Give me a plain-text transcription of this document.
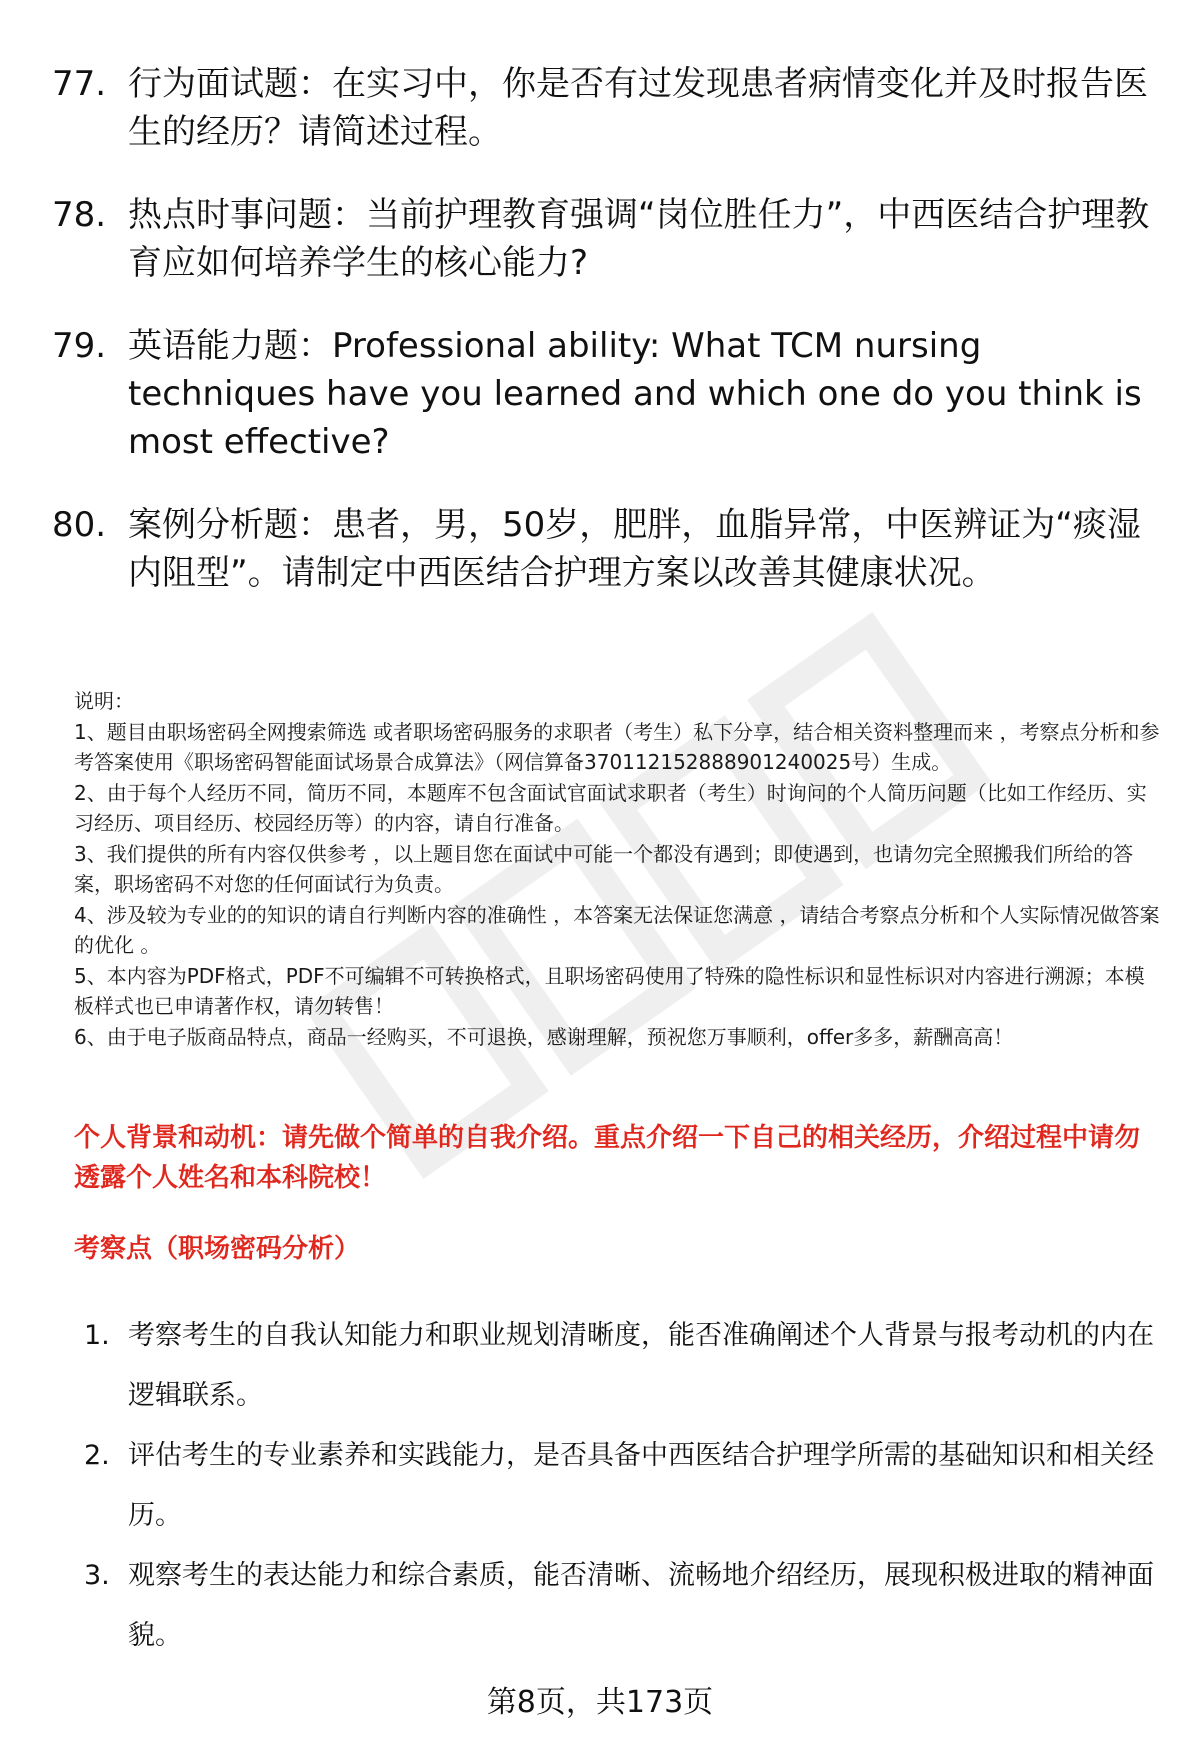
77. 行为面试题：在实习中，你是否有过发现患者病情变化并及时报告医生的经历？请简述过程。
78. 热点时事问题：当前护理教育强调“岗位胜任力”，中西医结合护理教育应如何培养学生的核心能力?
79. 英语能力题：Professional ability: What TCM nursing techniques have you learned and which one do you think is most effective?
80. 案例分析题：患者，男，50岁，肥胖，血脂异常，中医辨证为“痰湿内阻型”。请制定中西医结合护理方案以改善其健康状况。

说明：

1、题目由职场密码全网搜索筛选 或者职场密码服务的求职者（考生）私下分享，结合相关资料整理而来 ，考察点分析和参考答案使用《职场密码智能面试场景合成算法》（网信算备370112152888901240025号）生成。

2、由于每个人经历不同，简历不同，本题库不包含面试官面试求职者（考生）时询问的个人简历问题（比如工作经历、实习经历、项目经历、校园经历等）的内容，请自行准备。

3、我们提供的所有内容仅供参考 ，以上题目您在面试中可能一个都没有遇到；即使遇到，也请勿完全照搬我们所给的答案，职场密码不对您的任何面试行为负责。

4、涉及较为专业的的知识的请自行判断内容的准确性 ，本答案无法保证您满意 ，请结合考察点分析和个人实际情况做答案的优化 。

5、本内容为PDF格式，PDF不可编辑不可转换格式，且职场密码使用了特殊的隐性标识和显性标识对内容进行溯源；本模板样式也已申请著作权，请勿转售！

6、由于电子版商品特点，商品一经购买，不可退换，感谢理解，预祝您万事顺利，offer多多，薪酬高高！

个人背景和动机：请先做个简单的自我介绍。重点介绍一下自己的相关经历，介绍过程中请勿透露个人姓名和本科院校！
考察点（职场密码分析）
1. 考察考生的自我认知能力和职业规划清晰度，能否准确阐述个人背景与报考动机的内在逻辑联系。
2. 评估考生的专业素养和实践能力，是否具备中西医结合护理学所需的基础知识和相关经历。
3. 观察考生的表达能力和综合素质，能否清晰、流畅地介绍经历，展现积极进取的精神面貌。
第8页，共173页
